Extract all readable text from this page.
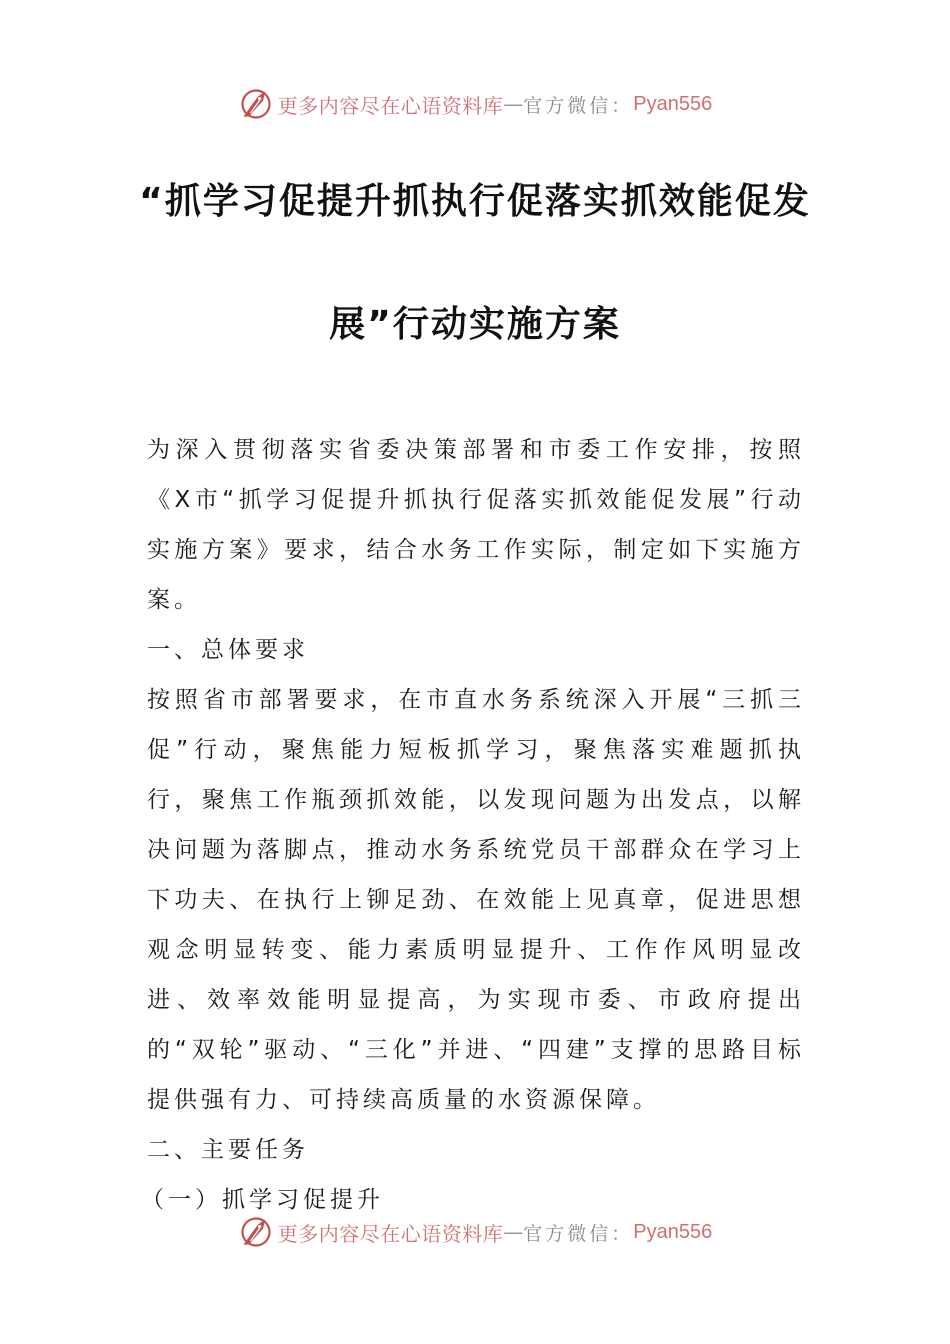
更多内容尽在心语资料库 — 官方微信： Pyan556
“抓学习促提升抓执行促落实抓效能促发
展”行动实施方案

为深入贯彻落实省委决策部署和市委工作安排，按照《X市“抓学习促提升抓执行促落实抓效能促发展”行动实施方案》要求，结合水务工作实际，制定如下实施方案。

一、总体要求

按照省市部署要求，在市直水务系统深入开展“三抓三促”行动，聚焦能力短板抓学习，聚焦落实难题抓执行，聚焦工作瓶颈抓效能，以发现问题为出发点，以解决问题为落脚点，推动水务系统党员干部群众在学习上下功夫、在执行上铆足劲、在效能上见真章，促进思想观念明显转变、能力素质明显提升、工作作风明显改进、效率效能明显提高，为实现市委、市政府提出的“双轮”驱动、“三化”并进、“四建”支撑的思路目标提供强有力、可持续高质量的水资源保障。

二、主要任务

（一）抓学习促提升

更多内容尽在心语资料库 — 官方微信： Pyan556
